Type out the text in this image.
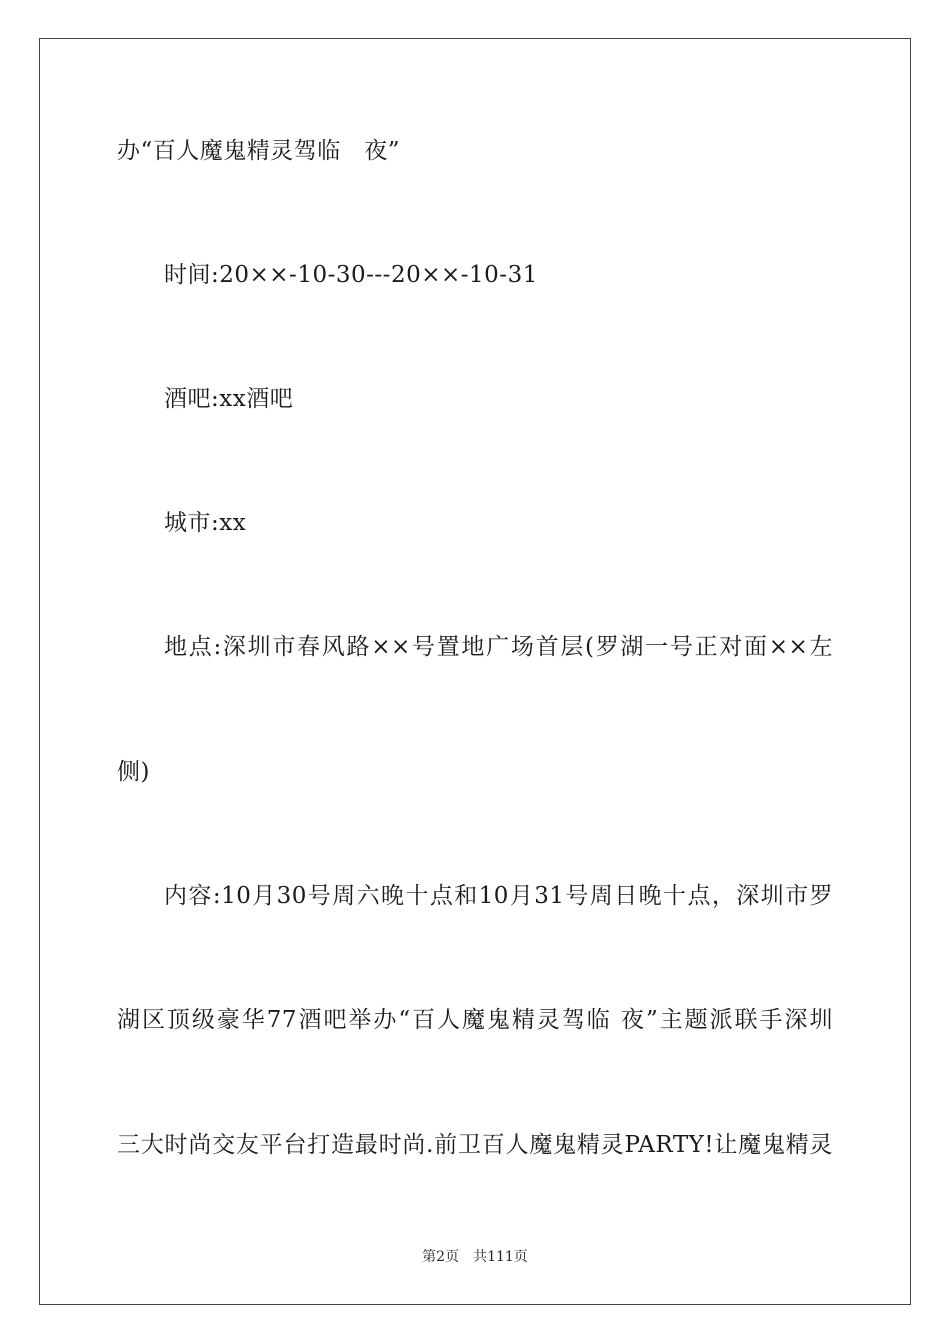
办“百人魔鬼精灵驾临　夜”
时间:20××-10-30---20××-10-31
酒吧:xx酒吧
城市:xx
地点:深圳市春风路××号置地广场首层(罗湖一号正对面××左
侧)
内容:10月30号周六晚十点和10月31号周日晚十点，深圳市罗
湖区顶级豪华77酒吧举办“百人魔鬼精灵驾临 夜”主题派联手深圳
三大时尚交友平台打造最时尚.前卫百人魔鬼精灵PARTY!让魔鬼精灵
第2页　共111页
